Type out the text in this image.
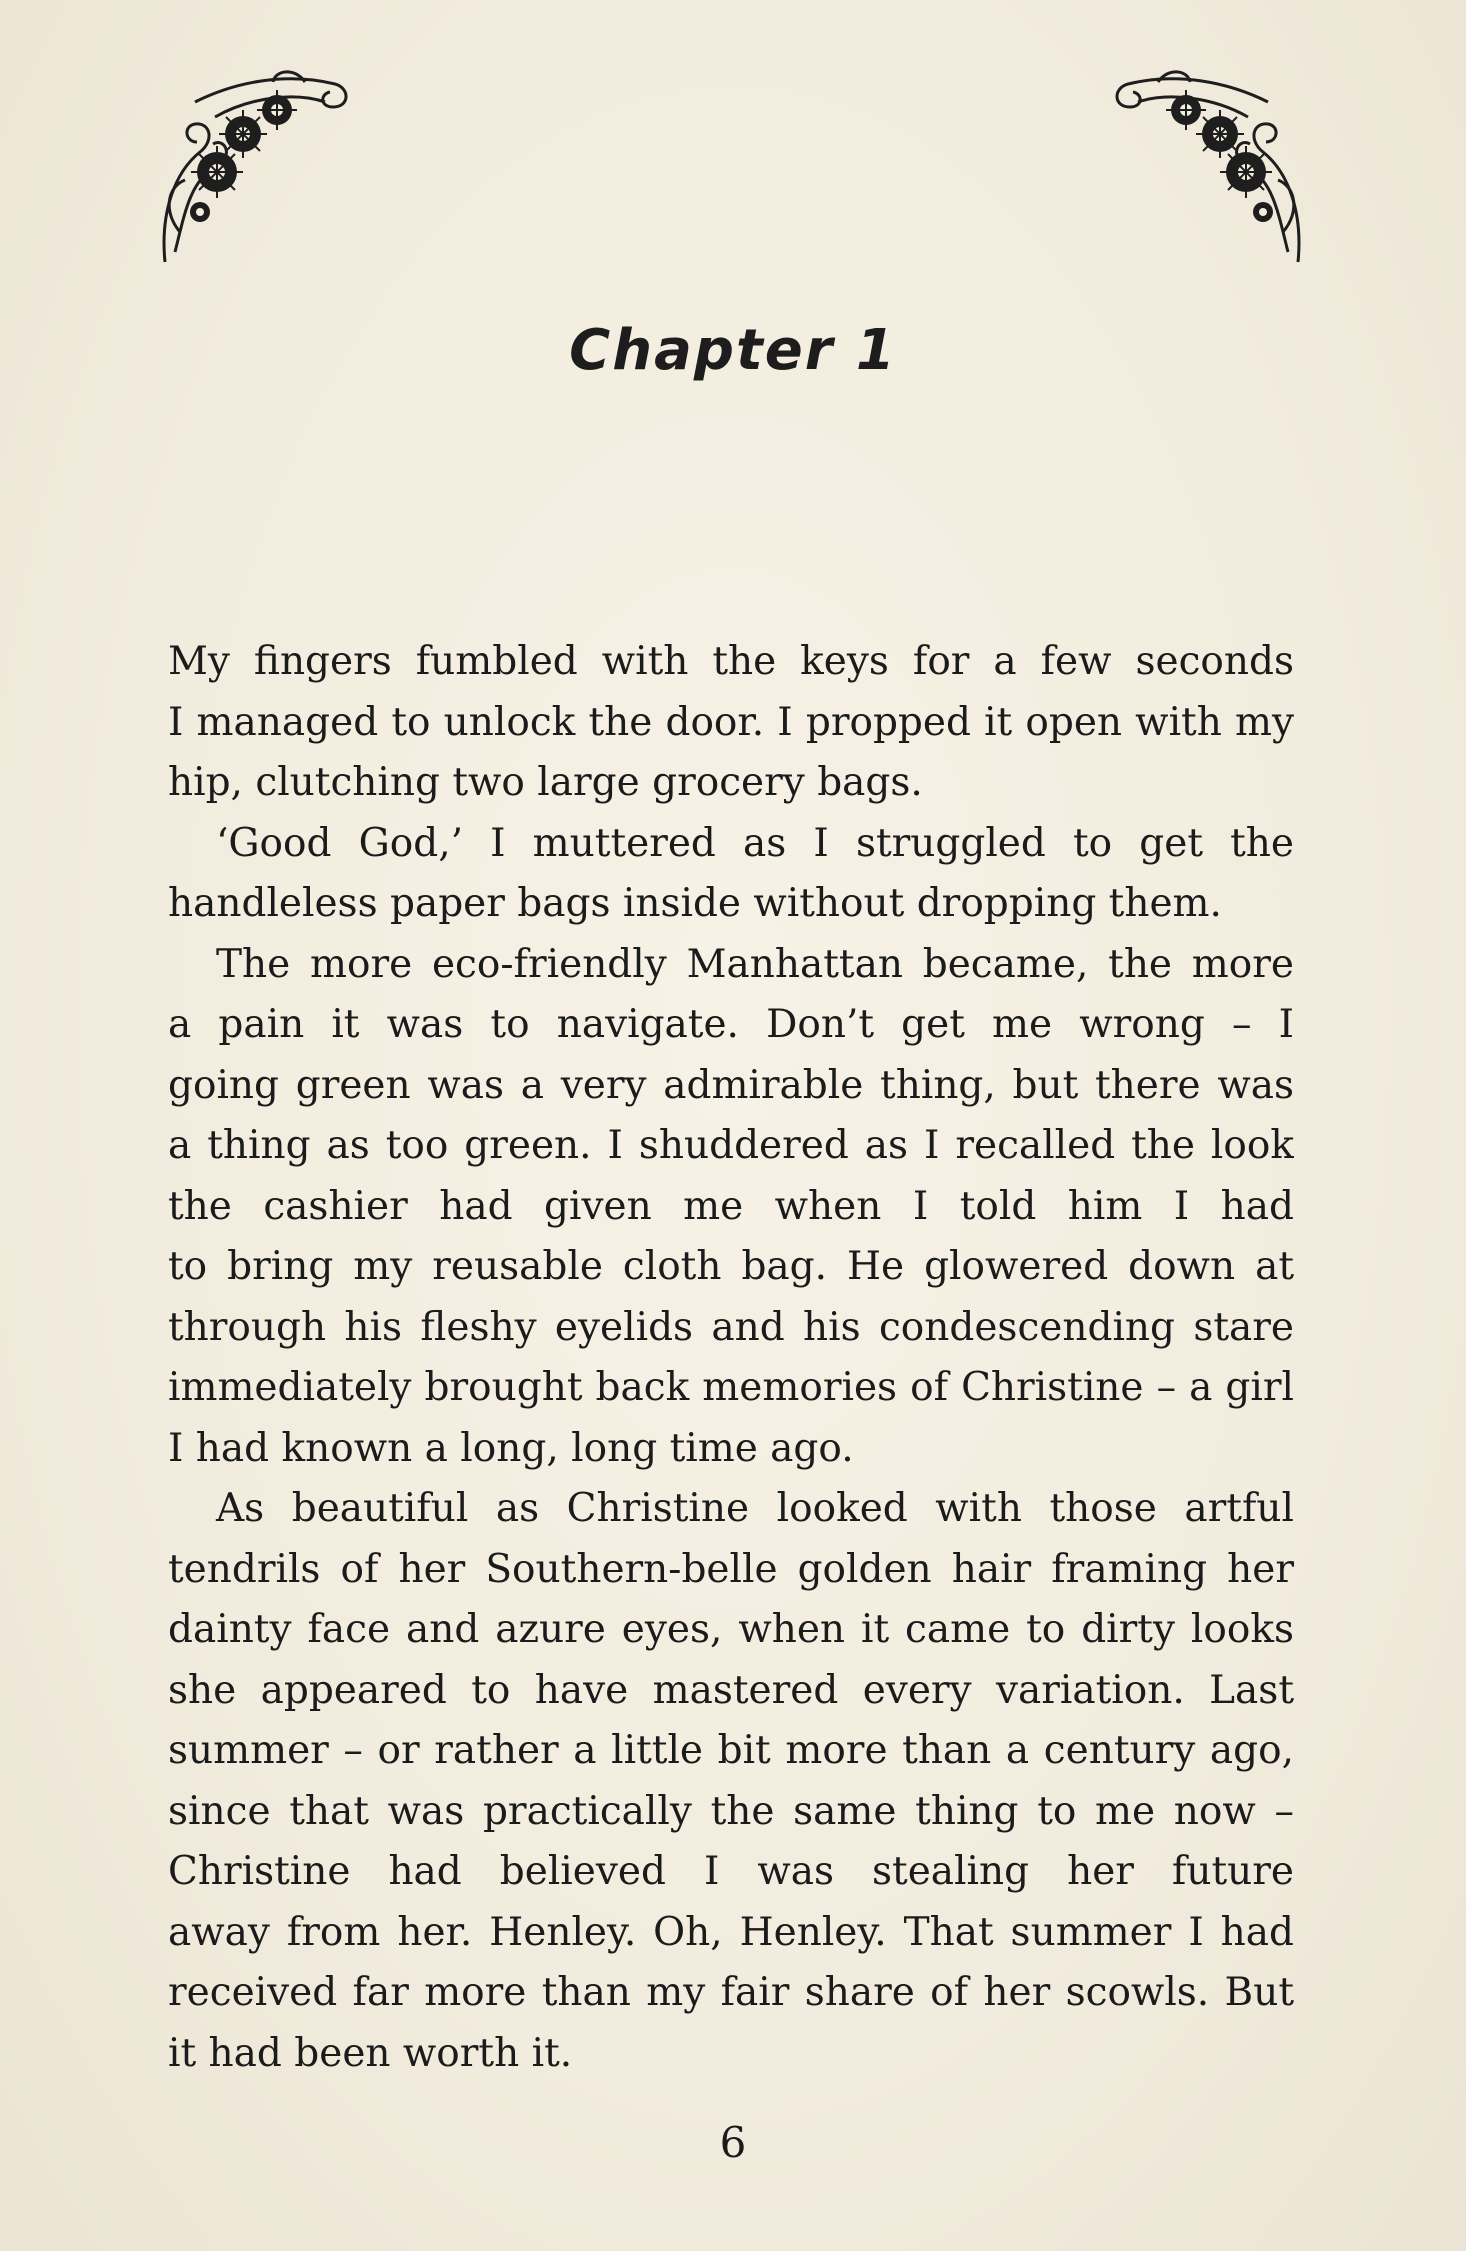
Chapter 1
My fingers fumbled with the keys for a few seconds
I managed to unlock the door. I propped it open with my
hip, clutching two large grocery bags.
‘Good God,’ I muttered as I struggled to get the
handleless paper bags inside without dropping them.
The more eco-friendly Manhattan became, the more
a pain it was to navigate. Don’t get me wrong – I
going green was a very admirable thing, but there was
a thing as too green. I shuddered as I recalled the look
the cashier had given me when I told him I had
to bring my reusable cloth bag. He glowered down at
through his fleshy eyelids and his condescending stare
immediately brought back memories of Christine – a girl
I had known a long, long time ago.
As beautiful as Christine looked with those artful
tendrils of her Southern-belle golden hair framing her
dainty face and azure eyes, when it came to dirty looks
she appeared to have mastered every variation. Last
summer – or rather a little bit more than a century ago,
since that was practically the same thing to me now –
Christine had believed I was stealing her future
away from her. Henley. Oh, Henley. That summer I had
received far more than my fair share of her scowls. But
it had been worth it.
6
